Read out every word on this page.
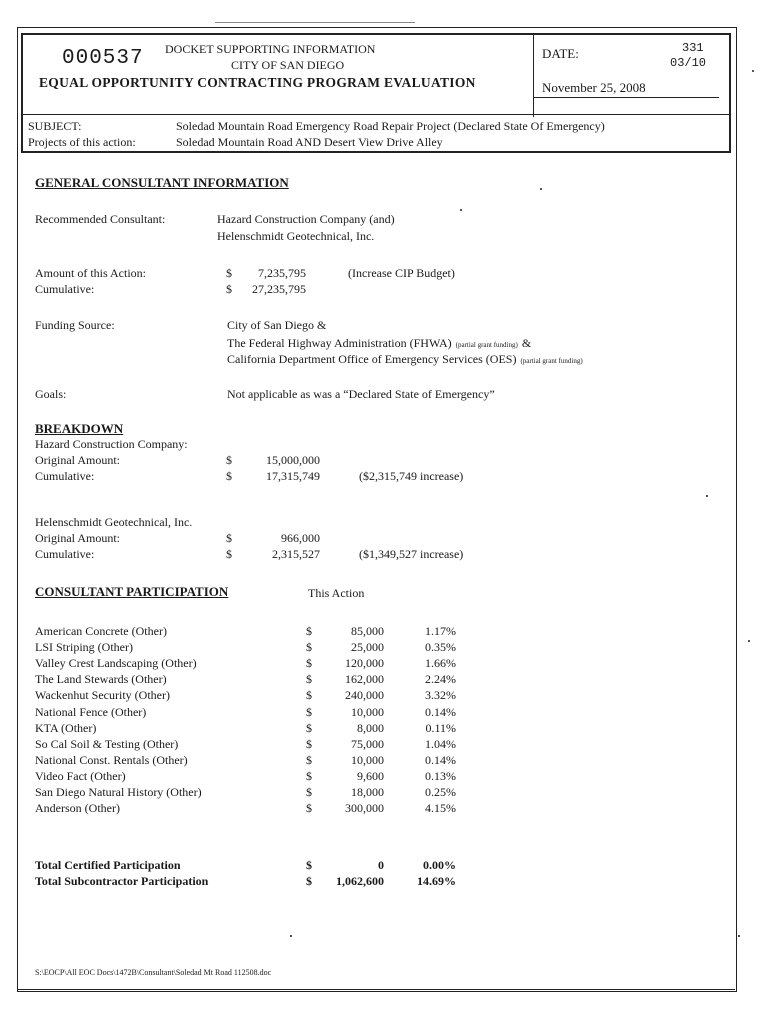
000537 DOCKET SUPPORTING INFORMATION
CITY OF SAN DIEGO
EQUAL OPPORTUNITY CONTRACTING PROGRAM EVALUATION
DATE:	331
03/10
November 25, 2008
SUBJECT:	Soledad Mountain Road Emergency Road Repair Project (Declared State Of Emergency)
Projects of this action:	Soledad Mountain Road AND Desert View Drive Alley
GENERAL CONSULTANT INFORMATION
Recommended Consultant:	Hazard Construction Company (and)
Helenschmidt Geotechnical, Inc.
Amount of this Action:	$	7,235,795	(Increase CIP Budget)
Cumulative:	$	27,235,795
Funding Source:	City of San Diego &
The Federal Highway Administration (FHWA) (partial grant funding) &
California Department Office of Emergency Services (OES) (partial grant funding)
Goals:	Not applicable as was a “Declared State of Emergency”
BREAKDOWN
Hazard Construction Company:
Original Amount:	$	15,000,000
Cumulative:	$	17,315,749	($2,315,749 increase)
Helenschmidt Geotechnical, Inc.
Original Amount:	$	966,000
Cumulative:	$	2,315,527	($1,349,527 increase)
CONSULTANT PARTICIPATION	This Action
American Concrete (Other)	$	85,000	1.17%
LSI Striping (Other)	$	25,000	0.35%
Valley Crest Landscaping (Other)	$	120,000	1.66%
The Land Stewards (Other)	$	162,000	2.24%
Wackenhut Security (Other)	$	240,000	3.32%
National Fence (Other)	$	10,000	0.14%
KTA (Other)	$	8,000	0.11%
So Cal Soil & Testing (Other)	$	75,000	1.04%
National Const. Rentals (Other)	$	10,000	0.14%
Video Fact (Other)	$	9,600	0.13%
San Diego Natural History (Other)	$	18,000	0.25%
Anderson (Other)	$	300,000	4.15%
Total Certified Participation	$	0	0.00%
Total Subcontractor Participation	$	1,062,600	14.69%
S:\EOCP\All EOC Docs\1472B\Consultant\Soledad Mt Road 112508.doc
